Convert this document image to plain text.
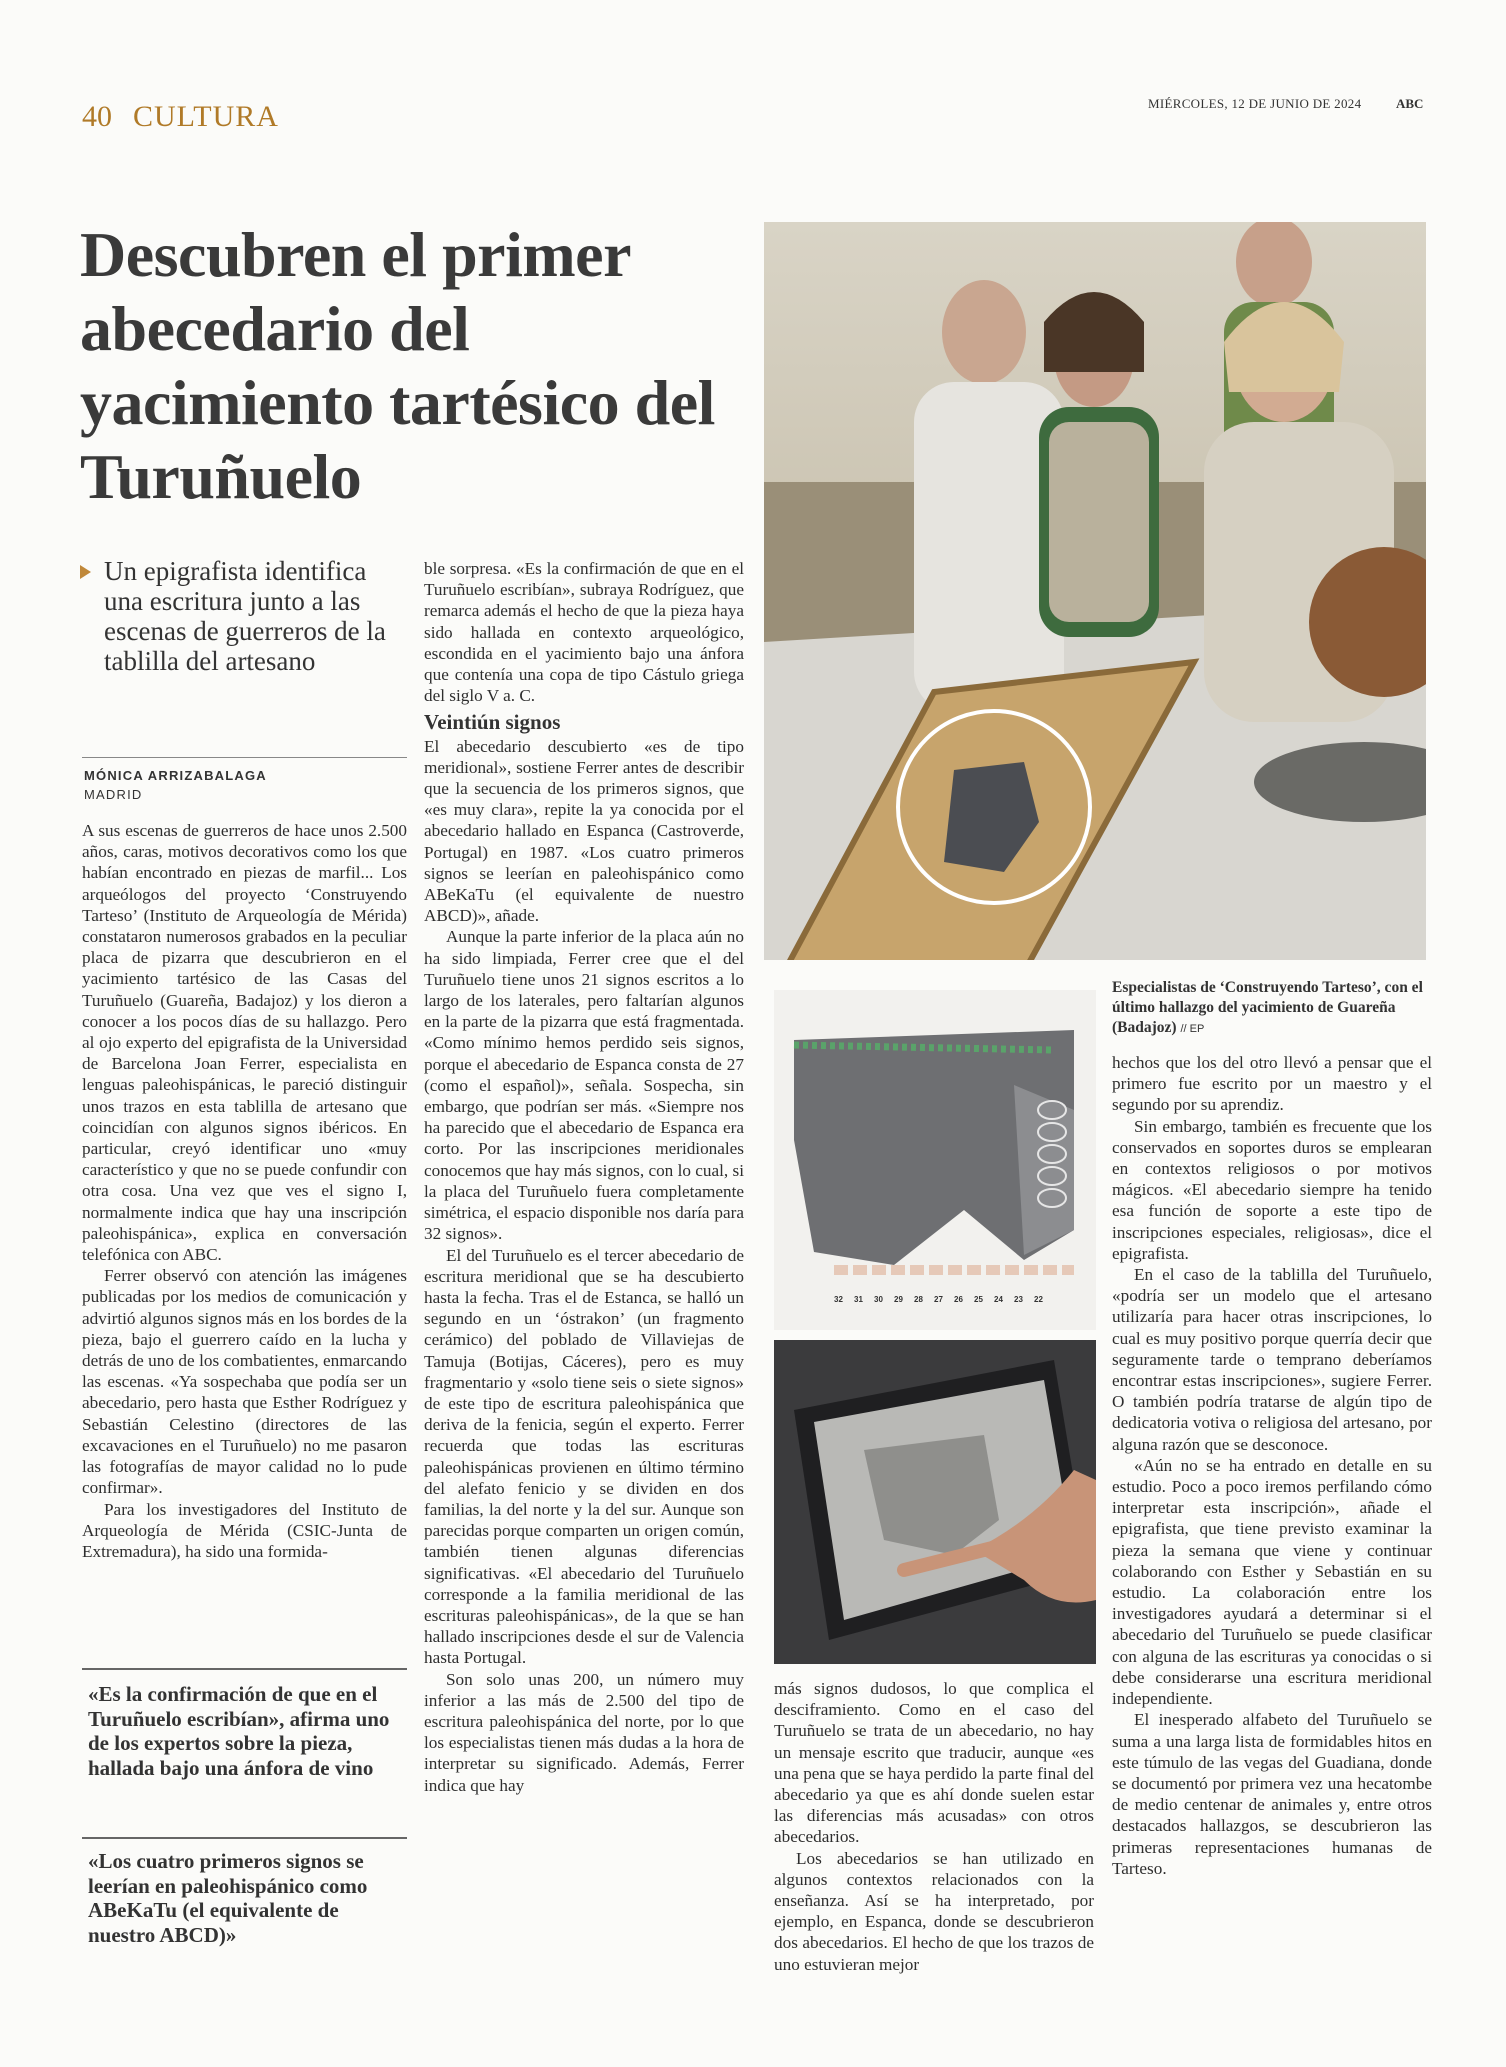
40 CULTURA	MIÉRCOLES, 12 DE JUNIO DE 2024	ABC
Descubren el primer abecedario del yacimiento tartésico del Turuñuelo
Un epigrafista identifica una escritura junto a las escenas de guerreros de la tablilla del artesano
MÓNICA ARRIZABALAGA
MADRID

A sus escenas de guerreros de hace unos 2.500 años, caras, motivos decorativos como los que habían encontrado en piezas de marfil... Los arqueólogos del proyecto ‘Construyendo Tarteso’ (Instituto de Arqueología de Mérida) constataron numerosos grabados en la peculiar placa de pizarra que descubrieron en el yacimiento tartésico de las Casas del Turuñuelo (Guareña, Badajoz) y los dieron a conocer a los pocos días de su hallazgo. Pero al ojo experto del epigrafista de la Universidad de Barcelona Joan Ferrer, especialista en lenguas paleohispánicas, le pareció distinguir unos trazos en esta tablilla de artesano que coincidían con algunos signos ibéricos. En particular, creyó identificar uno «muy característico y que no se puede confundir con otra cosa. Una vez que ves el signo I, normalmente indica que hay una inscripción paleohispánica», explica en conversación telefónica con ABC.

Ferrer observó con atención las imágenes publicadas por los medios de comunicación y advirtió algunos signos más en los bordes de la pieza, bajo el guerrero caído en la lucha y detrás de uno de los combatientes, enmarcando las escenas. «Ya sospechaba que podía ser un abecedario, pero hasta que Esther Rodríguez y Sebastián Celestino (directores de las excavaciones en el Turuñuelo) no me pasaron las fotografías de mayor calidad no lo pude confirmar».

Para los investigadores del Instituto de Arqueología de Mérida (CSIC-Junta de Extremadura), ha sido una formida-

«Es la confirmación de que en el Turuñuelo escribían», afirma uno de los expertos sobre la pieza, hallada bajo una ánfora de vino
«Los cuatro primeros signos se leerían en paleohispánico como ABeKaTu (el equivalente de nuestro ABCD)»

ble sorpresa. «Es la confirmación de que en el Turuñuelo escribían», subraya Rodríguez, que remarca además el hecho de que la pieza haya sido hallada en contexto arqueológico, escondida en el yacimiento bajo una ánfora que contenía una copa de tipo Cástulo griega del siglo V a. C.

Veintiún signos

El abecedario descubierto «es de tipo meridional», sostiene Ferrer antes de describir que la secuencia de los primeros signos, que «es muy clara», repite la ya conocida por el abecedario hallado en Espanca (Castroverde, Portugal) en 1987. «Los cuatro primeros signos se leerían en paleohispánico como ABeKaTu (el equivalente de nuestro ABCD)», añade.

Aunque la parte inferior de la placa aún no ha sido limpiada, Ferrer cree que el del Turuñuelo tiene unos 21 signos escritos a lo largo de los laterales, pero faltarían algunos en la parte de la pizarra que está fragmentada. «Como mínimo hemos perdido seis signos, porque el abecedario de Espanca consta de 27 (como el español)», señala. Sospecha, sin embargo, que podrían ser más. «Siempre nos ha parecido que el abecedario de Espanca era corto. Por las inscripciones meridionales conocemos que hay más signos, con lo cual, si la placa del Turuñuelo fuera completamente simétrica, el espacio disponible nos daría para 32 signos».

El del Turuñuelo es el tercer abecedario de escritura meridional que se ha descubierto hasta la fecha. Tras el de Estanca, se halló un segundo en un ‘óstrakon’ (un fragmento cerámico) del poblado de Villaviejas de Tamuja (Botijas, Cáceres), pero es muy fragmentario y «solo tiene seis o siete signos» de este tipo de escritura paleohispánica que deriva de la fenicia, según el experto. Ferrer recuerda que todas las escrituras paleohispánicas provienen en último término del alefato fenicio y se dividen en dos familias, la del norte y la del sur. Aunque son parecidas porque comparten un origen común, también tienen algunas diferencias significativas. «El abecedario del Turuñuelo corresponde a la familia meridional de las escrituras paleohispánicas», de la que se han hallado inscripciones desde el sur de Valencia hasta Portugal.

Son solo unas 200, un número muy inferior a las más de 2.500 del tipo de escritura paleohispánica del norte, por lo que los especialistas tienen más dudas a la hora de interpretar su significado. Además, Ferrer indica que hay

Especialistas de ‘Construyendo Tarteso’, con el último hallazgo del yacimiento de Guareña (Badajoz) // EP
32 31 30 29 28 27 26 25 24 23 22

más signos dudosos, lo que complica el desciframiento. Como en el caso del Turuñuelo se trata de un abecedario, no hay un mensaje escrito que traducir, aunque «es una pena que se haya perdido la parte final del abecedario ya que es ahí donde suelen estar las diferencias más acusadas» con otros abecedarios.

Los abecedarios se han utilizado en algunos contextos relacionados con la enseñanza. Así se ha interpretado, por ejemplo, en Espanca, donde se descubrieron dos abecedarios. El hecho de que los trazos de uno estuvieran mejor

hechos que los del otro llevó a pensar que el primero fue escrito por un maestro y el segundo por su aprendiz.

Sin embargo, también es frecuente que los conservados en soportes duros se emplearan en contextos religiosos o por motivos mágicos. «El abecedario siempre ha tenido esa función de soporte a este tipo de inscripciones especiales, religiosas», dice el epigrafista.

En el caso de la tablilla del Turuñuelo, «podría ser un modelo que el artesano utilizaría para hacer otras inscripciones, lo cual es muy positivo porque querría decir que seguramente tarde o temprano deberíamos encontrar estas inscripciones», sugiere Ferrer. O también podría tratarse de algún tipo de dedicatoria votiva o religiosa del artesano, por alguna razón que se desconoce.

«Aún no se ha entrado en detalle en su estudio. Poco a poco iremos perfilando cómo interpretar esta inscripción», añade el epigrafista, que tiene previsto examinar la pieza la semana que viene y continuar colaborando con Esther y Sebastián en su estudio. La colaboración entre los investigadores ayudará a determinar si el abecedario del Turuñuelo se puede clasificar con alguna de las escrituras ya conocidas o si debe considerarse una escritura meridional independiente.

El inesperado alfabeto del Turuñuelo se suma a una larga lista de formidables hitos en este túmulo de las vegas del Guadiana, donde se documentó por primera vez una hecatombe de medio centenar de animales y, entre otros destacados hallazgos, se descubrieron las primeras representaciones humanas de Tarteso.
